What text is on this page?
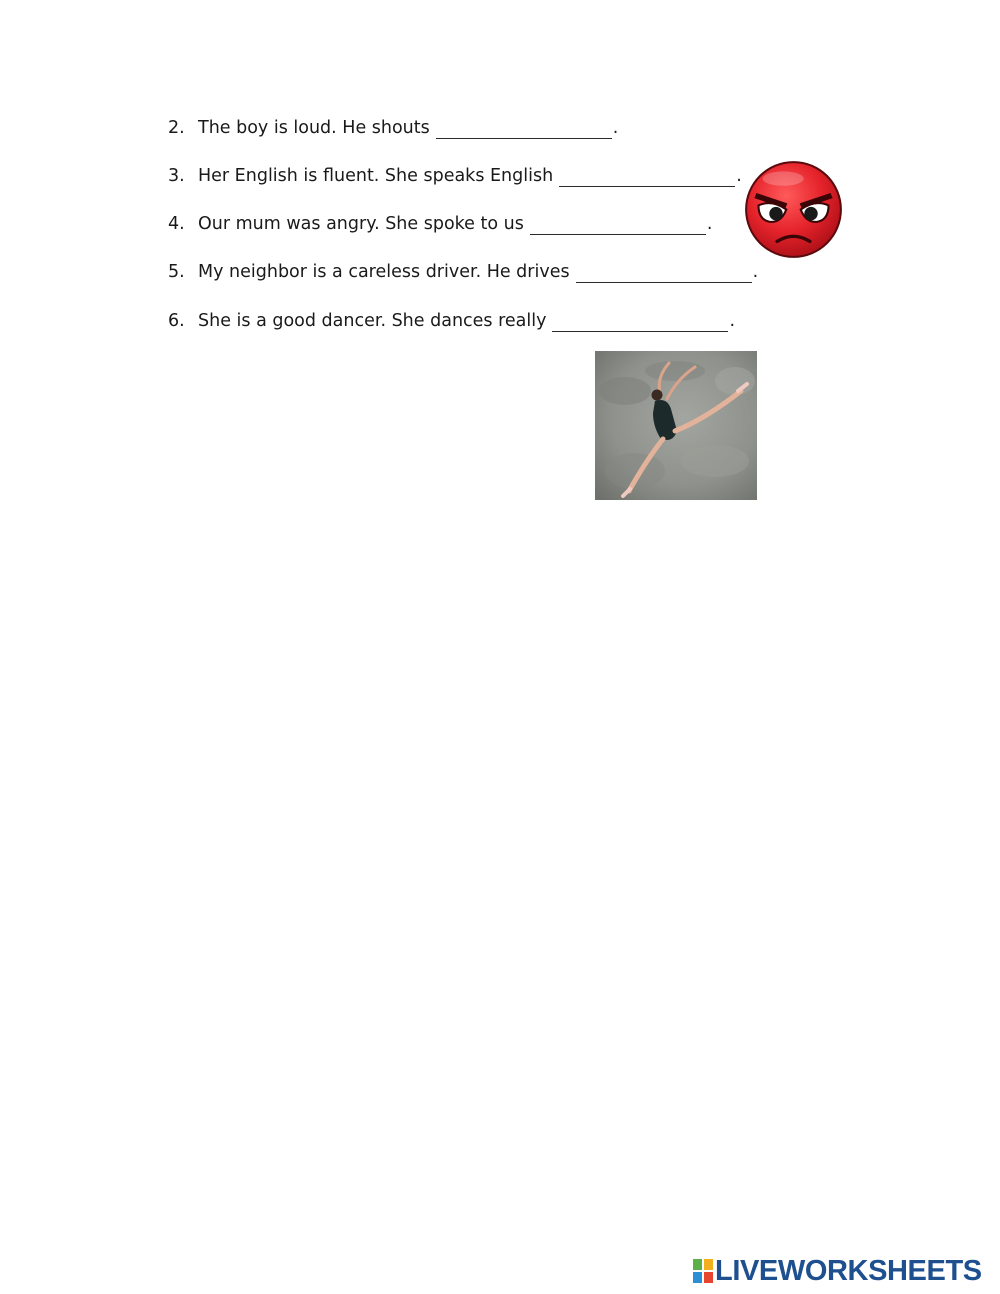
2. The boy is loud. He shouts	.
3. Her English is fluent. She speaks English	.
4. Our mum was angry. She spoke to us	.
5. My neighbor is a careless driver. He drives	.
6. She is a good dancer. She dances really	.
LIVEWORKSHEETS
